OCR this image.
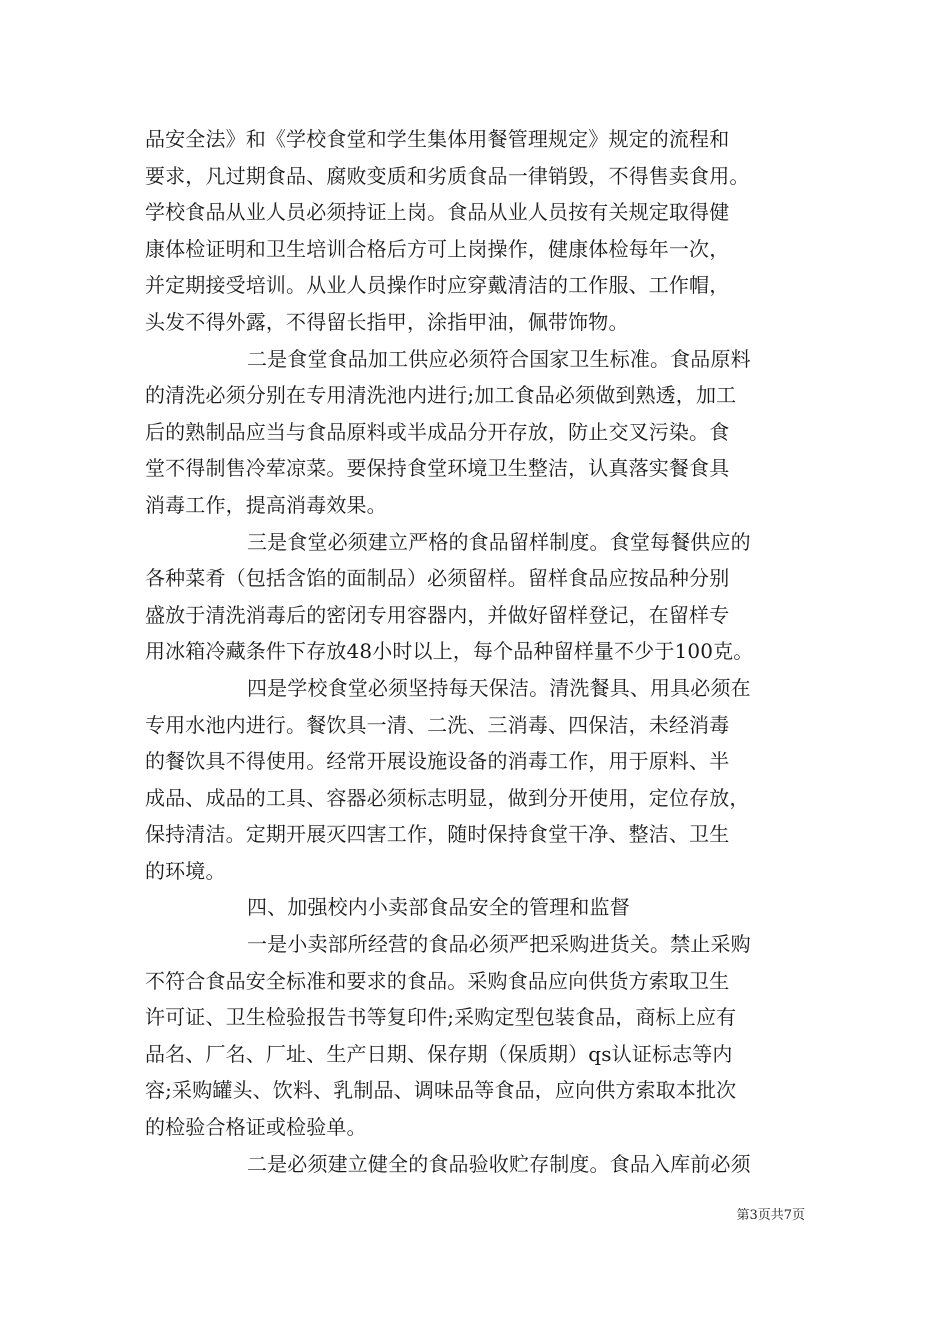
品安全法》和《学校食堂和学生集体用餐管理规定》规定的流程和
要求，凡过期食品、腐败变质和劣质食品一律销毁，不得售卖食用。
学校食品从业人员必须持证上岗。食品从业人员按有关规定取得健
康体检证明和卫生培训合格后方可上岗操作，健康体检每年一次，
并定期接受培训。从业人员操作时应穿戴清洁的工作服、工作帽，
头发不得外露，不得留长指甲，涂指甲油，佩带饰物。
二是食堂食品加工供应必须符合国家卫生标准。食品原料
的清洗必须分别在专用清洗池内进行;加工食品必须做到熟透，加工
后的熟制品应当与食品原料或半成品分开存放，防止交叉污染。食
堂不得制售冷荤凉菜。要保持食堂环境卫生整洁，认真落实餐食具
消毒工作，提高消毒效果。
三是食堂必须建立严格的食品留样制度。食堂每餐供应的
各种菜肴（包括含馅的面制品）必须留样。留样食品应按品种分别
盛放于清洗消毒后的密闭专用容器内，并做好留样登记，在留样专
用冰箱冷藏条件下存放48小时以上，每个品种留样量不少于100克。
四是学校食堂必须坚持每天保洁。清洗餐具、用具必须在
专用水池内进行。餐饮具一清、二洗、三消毒、四保洁，未经消毒
的餐饮具不得使用。经常开展设施设备的消毒工作，用于原料、半
成品、成品的工具、容器必须标志明显，做到分开使用，定位存放，
保持清洁。定期开展灭四害工作，随时保持食堂干净、整洁、卫生
的环境。
四、加强校内小卖部食品安全的管理和监督
一是小卖部所经营的食品必须严把采购进货关。禁止采购
不符合食品安全标准和要求的食品。采购食品应向供货方索取卫生
许可证、卫生检验报告书等复印件;采购定型包装食品，商标上应有
品名、厂名、厂址、生产日期、保存期（保质期）qs认证标志等内
容;采购罐头、饮料、乳制品、调味品等食品，应向供方索取本批次
的检验合格证或检验单。
二是必须建立健全的食品验收贮存制度。食品入库前必须
第3页共7页
